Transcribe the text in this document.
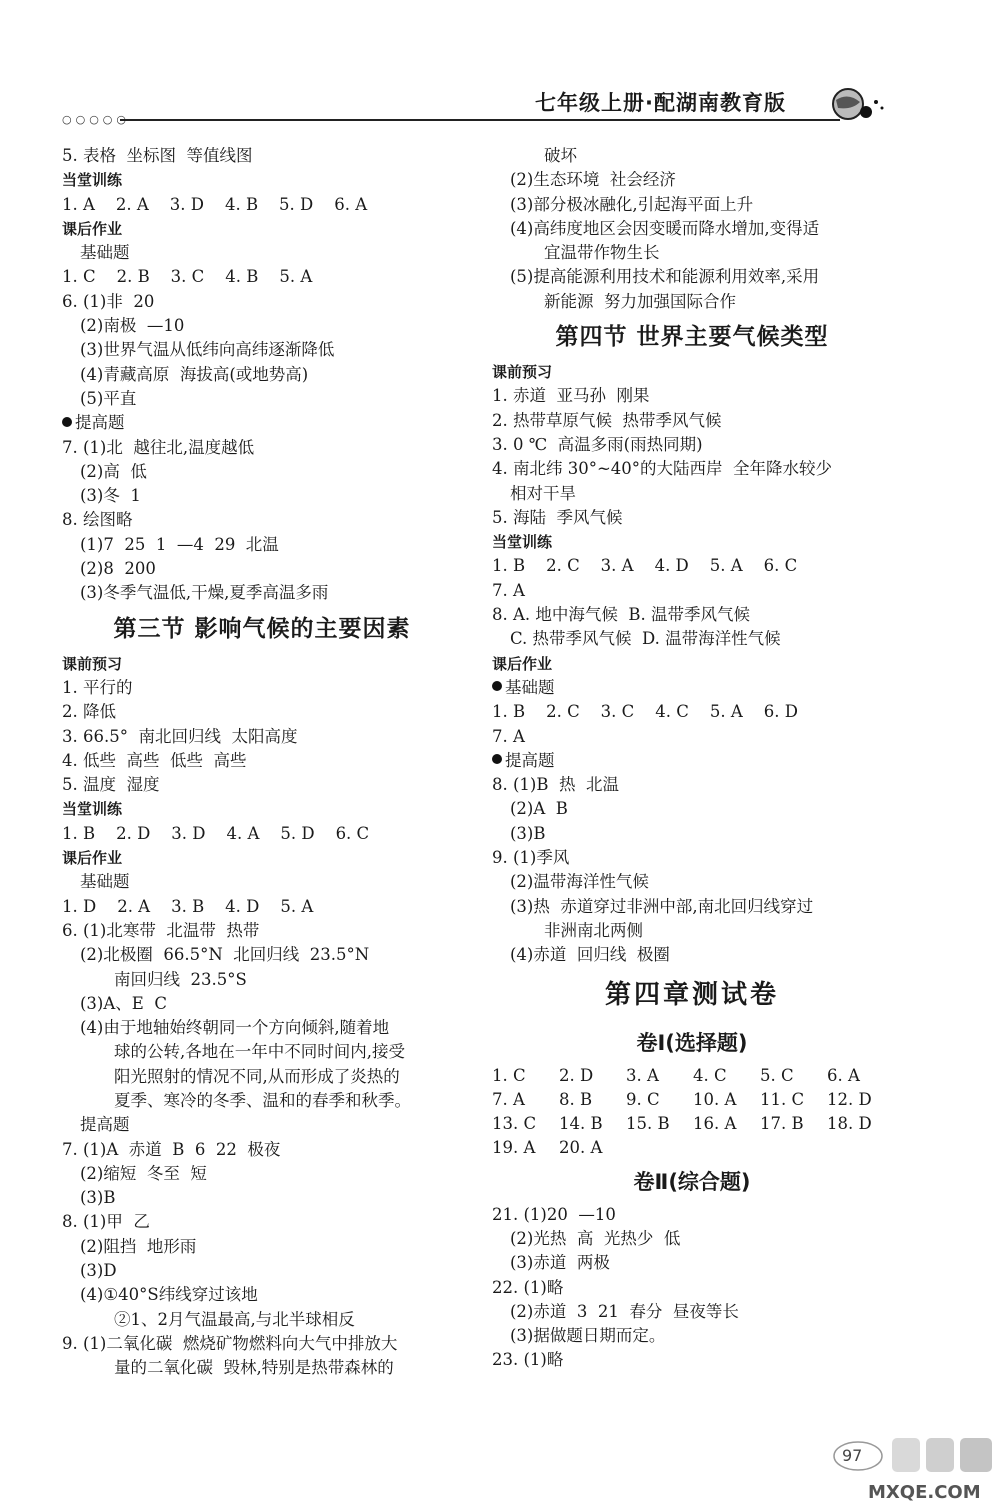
○○○○○
七年级上册·配湖南教育版
5. 表格  坐标图  等值线图
当堂训练
1. A    2. A    3. D    4. B    5. D    6. A
课后作业
基础题
1. C    2. B    3. C    4. B    5. A
6. (1)非  20
(2)南极  —10
(3)世界气温从低纬向高纬逐渐降低
(4)青藏高原  海拔高(或地势高)
(5)平直
提高题
7. (1)北  越往北,温度越低
(2)高  低
(3)冬  1
8. 绘图略
(1)7  25  1  —4  29  北温
(2)8  200
(3)冬季气温低,干燥,夏季高温多雨
第三节 影响气候的主要因素
课前预习
1. 平行的
2. 降低
3. 66.5°  南北回归线  太阳高度
4. 低些  高些  低些  高些
5. 温度  湿度
当堂训练
1. B    2. D    3. D    4. A    5. D    6. C
课后作业
基础题
1. D    2. A    3. B    4. D    5. A
6. (1)北寒带  北温带  热带
(2)北极圈  66.5°N  北回归线  23.5°N
南回归线  23.5°S
(3)A、E  C
(4)由于地轴始终朝同一个方向倾斜,随着地
球的公转,各地在一年中不同时间内,接受
阳光照射的情况不同,从而形成了炎热的
夏季、寒冷的冬季、温和的春季和秋季。
提高题
7. (1)A  赤道  B  6  22  极夜
(2)缩短  冬至  短
(3)B
8. (1)甲  乙
(2)阻挡  地形雨
(3)D
(4)①40°S纬线穿过该地
②1、2月气温最高,与北半球相反
9. (1)二氧化碳  燃烧矿物燃料向大气中排放大
量的二氧化碳  毁林,特别是热带森林的
破坏
(2)生态环境  社会经济
(3)部分极冰融化,引起海平面上升
(4)高纬度地区会因变暖而降水增加,变得适
宜温带作物生长
(5)提高能源利用技术和能源利用效率,采用
新能源  努力加强国际合作
第四节 世界主要气候类型
课前预习
1. 赤道  亚马孙  刚果
2. 热带草原气候  热带季风气候
3. 0 ℃  高温多雨(雨热同期)
4. 南北纬 30°~40°的大陆西岸  全年降水较少
相对干旱
5. 海陆  季风气候
当堂训练
1. B    2. C    3. A    4. D    5. A    6. C
7. A
8. A. 地中海气候  B. 温带季风气候
C. 热带季风气候  D. 温带海洋性气候
课后作业
基础题
1. B    2. C    3. C    4. C    5. A    6. D
7. A
提高题
8. (1)B  热  北温
(2)A  B
(3)B
9. (1)季风
(2)温带海洋性气候
(3)热  赤道穿过非洲中部,南北回归线穿过
非洲南北两侧
(4)赤道  回归线  极圈
第四章测试卷
卷Ⅰ(选择题)
1. C	2. D	3. A	4. C	5. C	6. A
7. A	8. B	9. C	10. A	11. C	12. D
13. C	14. B	15. B	16. A	17. B	18. D
19. A	20. A
卷Ⅱ(综合题)
21. (1)20  —10
(2)光热  高  光热少  低
(3)赤道  两极
22. (1)略
(2)赤道  3  21  春分  昼夜等长
(3)据做题日期而定。
23. (1)略
97
MXQE.COM
